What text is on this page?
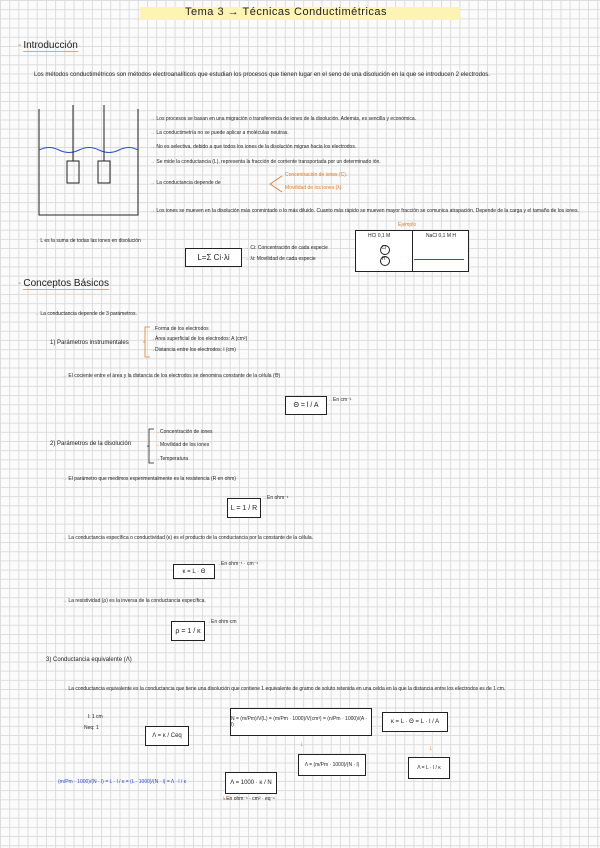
Tema 3 → Técnicas Conductimétricas
- Introducción
Los métodos conductimétricos son métodos electroanalíticos que estudian los procesos que tienen lugar en el seno de una disolución en la que se introducen 2 electrodos.
→ Los procesos se basan en una migración o transferencia de iones de la disolución. Además, es sencilla y económica.
→ La conductimetría no se puede aplicar a moléculas neutras.
→ No es selectiva, debido a que todos los iones de la disolución migran hacia los electrodos.
→ Se mide la conductancia (L), representa la fracción de corriente transportada por un determinado ión.
→ La conductancia depende de
Concentración de iones (C).
Movilidad de los iones (λ).
→ Los iones se mueven en la disolución más conmintado o lo más diluido. Cuanto más rápido se mueven mayor fracción se comunica atrapación. Depende de la carga y el tamaño de los iones.
Ejemplo
HCl 0,1 M	NaCl 0,1 M H
Cl⁻
H⁺
→ L es la suma de todas las iones en disolución
L=Σ Ci·λi
→ Ci: Concentración de cada especie
→ λi: Movilidad de cada especie
- Conceptos Básicos
→ La conductancia depende de 3 parámetros.
1) Parámetros instrumentales
→Forma de los electrodos
→Área superficial de los electrodos: A (cm²)
→Distancia entre los electrodos: l (cm)
→ El cociente entre el área y la distancia de los electrodos se denomina constante de la célula (Θ)
Θ = l / A
→En cm⁻¹
2) Parámetros de la disolución
→Concentración de iones
→Movilidad de los iones
→Temperatura
→ El parámetro que medimos experimentalmente es la resistencia (R en ohm)
L = 1 / R
→En ohm⁻¹
→ La conductancia específica o conductividad (κ) es el producto de la conductancia por la constante de la célula.
κ = L · Θ
→En ohm⁻¹ · cm⁻¹
→ La resistividad (ρ) es la inversa de la conductancia específica.
ρ = 1 / κ
→En ohm·cm
3) Conductancia equivalente (Λ)
→ La conductancia equivalente es la conductancia que tiene una disolución que contiene 1 equivalente de gramo de soluto retenida en una celda en la que la distancia entre los electrodos es de 1 cm.
l: 1 cm
Neq: 1
Λ = κ / Ceq
N = (m/Pm)/V(L) = (m/Pm · 1000)/V(cm³) = (n/Pm · 1000)/(A · l)	κ = L · Θ = L · l / A
↓
↓
Λ = (m/Pm · 1000)/(N · l)	Λ = L · l / κ
(m/Pm · 1000)/(N · l) = L · l / κ = (L · 1000)/(N · l) = Λ · l / κ	Λ = 1000 · κ / N
↳En ohm⁻¹ · cm² · eq⁻¹
